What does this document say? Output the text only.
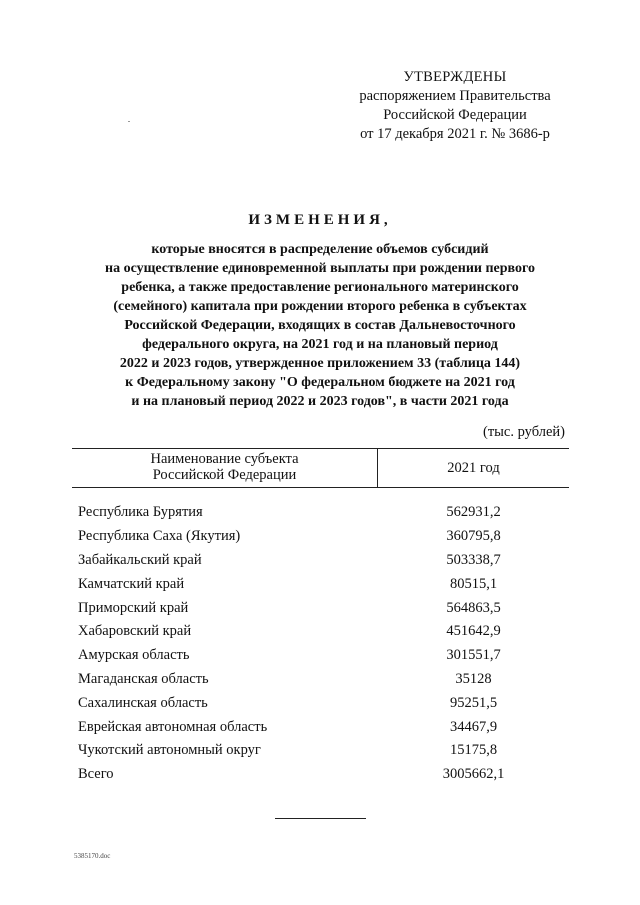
УТВЕРЖДЕНЫ
распоряжением Правительства
Российской Федерации
от 17 декабря 2021 г. № 3686-р
ИЗМЕНЕНИЯ,
которые вносятся в распределение объемов субсидий
на осуществление единовременной выплаты при рождении первого
ребенка, а также предоставление регионального материнского
(семейного) капитала при рождении второго ребенка в субъектах
Российской Федерации, входящих в состав Дальневосточного
федерального округа, на 2021 год и на плановый период
2022 и 2023 годов, утвержденное приложением 33 (таблица 144)
к Федеральному закону "О федеральном бюджете на 2021 год
и на плановый период 2022 и 2023 годов", в части 2021 года
(тыс. рублей)
Наименование субъекта
Российской Федерации	2021 год
Республика Бурятия	562931,2
Республика Саха (Якутия)	360795,8
Забайкальский край	503338,7
Камчатский край	80515,1
Приморский край	564863,5
Хабаровский край	451642,9
Амурская область	301551,7
Магаданская область	35128
Сахалинская область	95251,5
Еврейская автономная область	34467,9
Чукотский автономный округ	15175,8
Всего	3005662,1
5385170.doc
